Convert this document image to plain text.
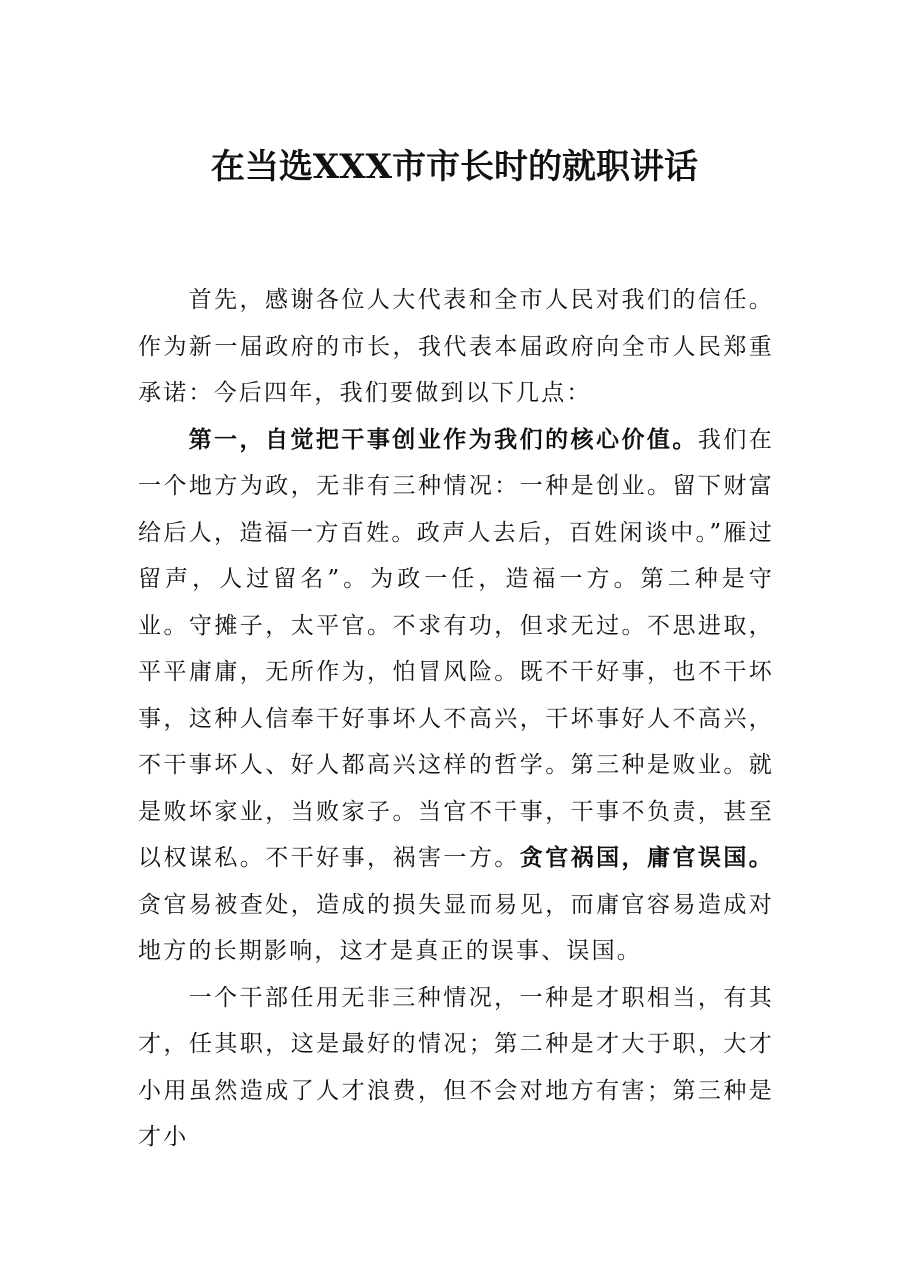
在当选XXX市市长时的就职讲话

首先，感谢各位人大代表和全市人民对我们的信任。作为新一届政府的市长，我代表本届政府向全市人民郑重承诺：今后四年，我们要做到以下几点：

第一，自觉把干事创业作为我们的核心价值。我们在一个地方为政，无非有三种情况：一种是创业。留下财富给后人，造福一方百姓。政声人去后，百姓闲谈中。”雁过留声，人过留名”。为政一任，造福一方。第二种是守业。守摊子，太平官。不求有功，但求无过。不思进取，平平庸庸，无所作为，怕冒风险。既不干好事，也不干坏事，这种人信奉干好事坏人不高兴，干坏事好人不高兴，不干事坏人、好人都高兴这样的哲学。第三种是败业。就是败坏家业，当败家子。当官不干事，干事不负责，甚至以权谋私。不干好事，祸害一方。贪官祸国，庸官误国。贪官易被查处，造成的损失显而易见，而庸官容易造成对地方的长期影响，这才是真正的误事、误国。

一个干部任用无非三种情况，一种是才职相当，有其才，任其职，这是最好的情况；第二种是才大于职，大才小用虽然造成了人才浪费，但不会对地方有害；第三种是才小
